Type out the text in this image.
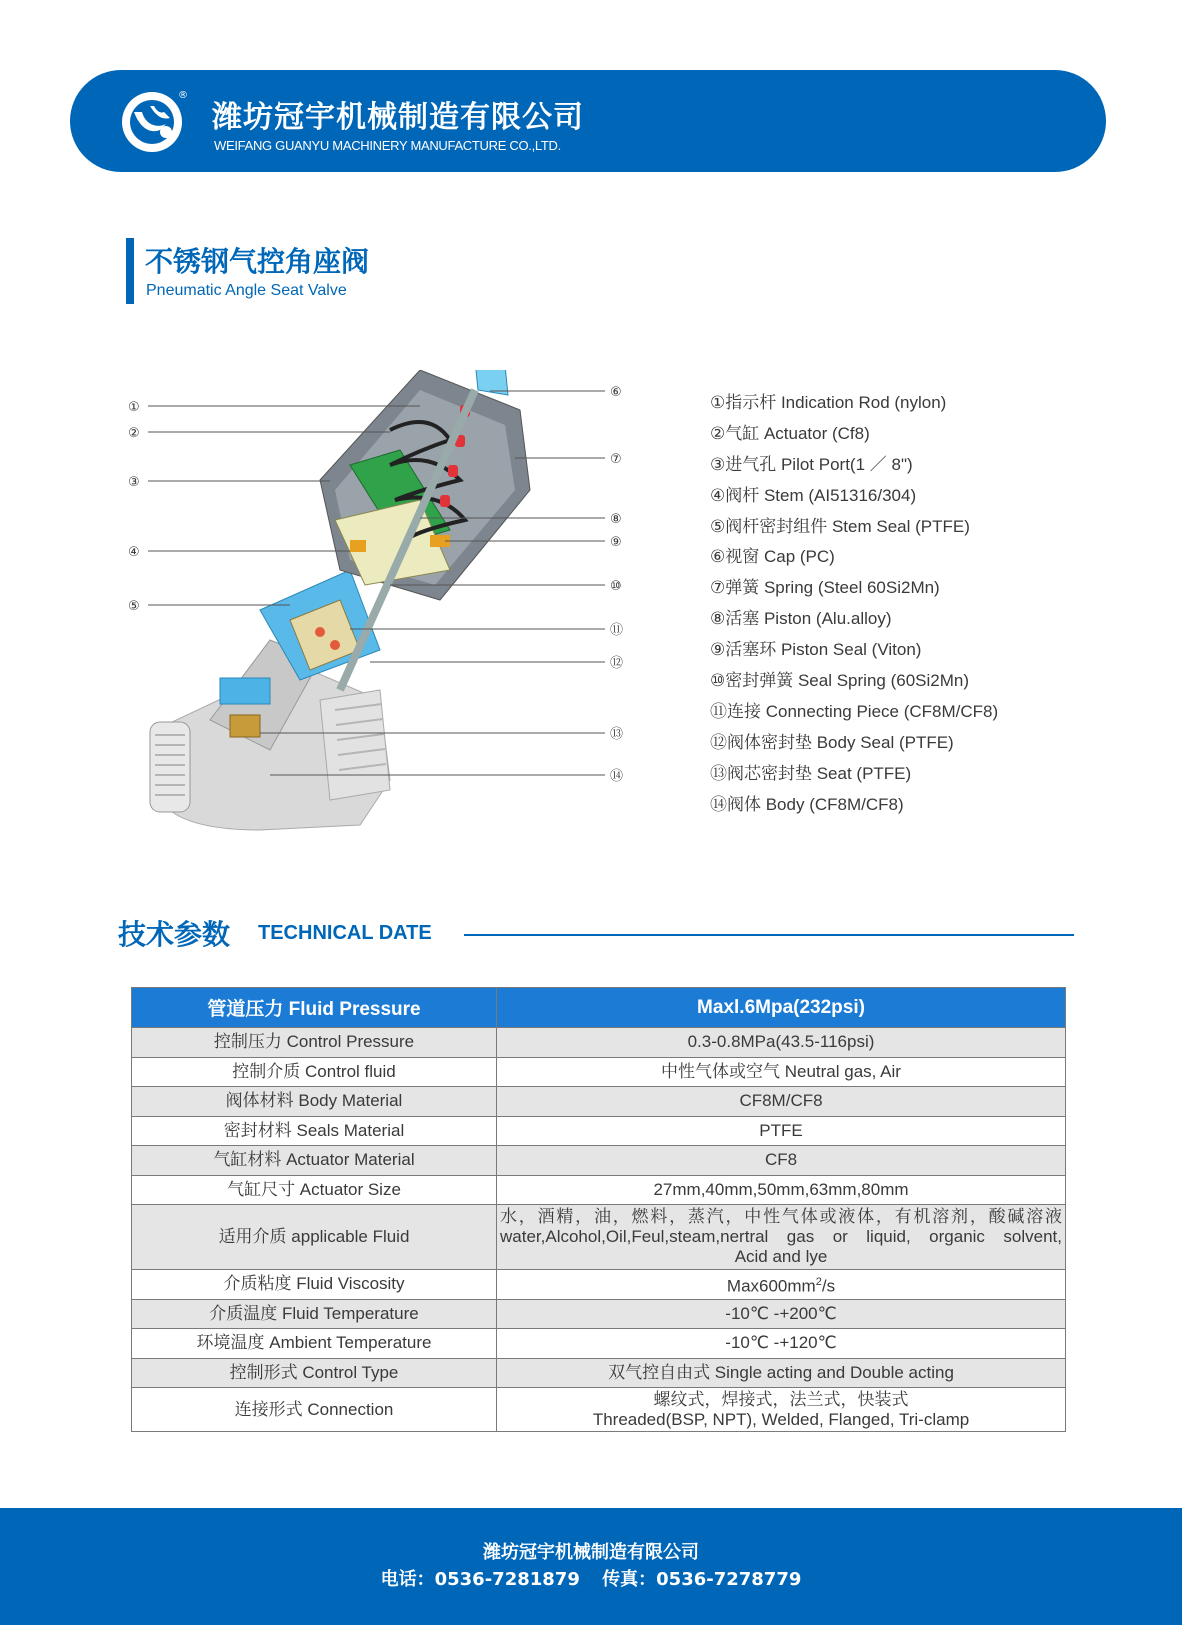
®
潍坊冠宇机械制造有限公司
WEIFANG GUANYU MACHINERY MANUFACTURE CO.,LTD.
不锈钢气控角座阀
Pneumatic Angle Seat Valve
①
②
③
④
⑤
⑥
⑦
⑧
⑨
⑩
⑪
⑫
⑬
⑭
①指示杆 Indication Rod (nylon)
②气缸 Actuator (Cf8)
③进气孔 Pilot Port(1 ／ 8")
④阀杆 Stem (AI51316/304)
⑤阀杆密封组件 Stem Seal (PTFE)
⑥视窗 Cap (PC)
⑦弹簧 Spring (Steel 60Si2Mn)
⑧活塞 Piston (Alu.alloy)
⑨活塞环 Piston Seal (Viton)
⑩密封弹簧 Seal Spring (60Si2Mn)
⑪连接 Connecting Piece (CF8M/CF8)
⑫阀体密封垫 Body Seal (PTFE)
⑬阀芯密封垫 Seat (PTFE)
⑭阀体 Body (CF8M/CF8)
技术参数 TECHNICAL DATE
管道压力 Fluid Pressure	Maxl.6Mpa(232psi)
控制压力 Control Pressure	0.3-0.8MPa(43.5-116psi)
控制介质 Control fluid	中性气体或空气 Neutral gas, Air
阀体材料 Body Material	CF8M/CF8
密封材料 Seals Material	PTFE
气缸材料 Actuator Material	CF8
气缸尺寸 Actuator Size	27mm,40mm,50mm,63mm,80mm
适用介质 applicable Fluid	水，酒精，油，燃料，蒸汽，中性气体或液体，有机溶剂，酸碱溶液
water,Alcohol,Oil,Feul,steam,nertral gas or liquid, organic solvent,
Acid and lye

介质粘度 Fluid Viscosity	$Max600mm^2/s$
介质温度 Fluid Temperature	-10℃ -+200℃
环境温度 Ambient Temperature	-10℃ -+120℃
控制形式 Control Type	双气控自由式 Single acting and Double acting
连接形式 Connection	螺纹式，焊接式，法兰式，快装式
Threaded(BSP, NPT), Welded, Flanged, Tri-clamp
潍坊冠宇机械制造有限公司
电话：0536-7281879 传真：0536-7278779
